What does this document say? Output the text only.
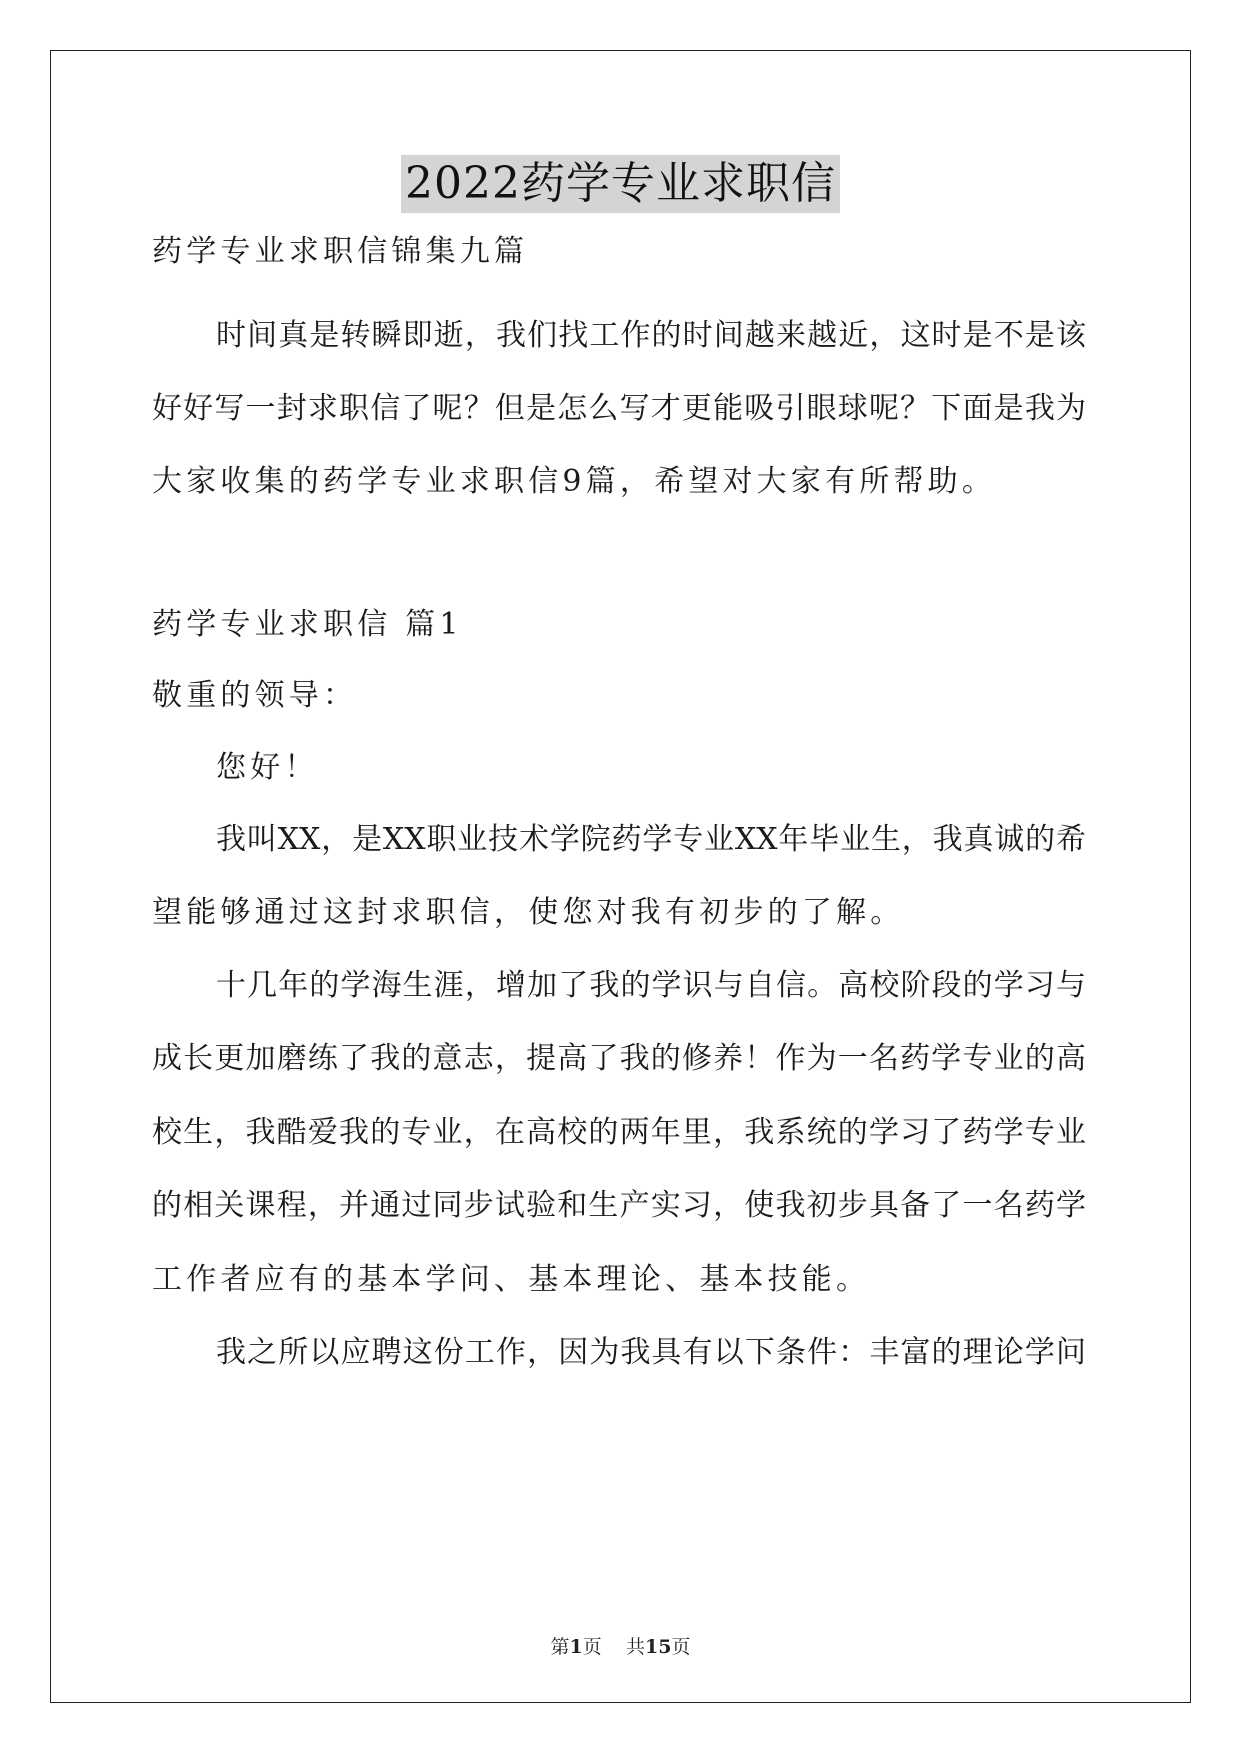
2022药学专业求职信
药学专业求职信锦集九篇
时间真是转瞬即逝，我们找工作的时间越来越近，这时是不是该
好好写一封求职信了呢？但是怎么写才更能吸引眼球呢？下面是我为
大家收集的药学专业求职信9篇，希望对大家有所帮助。
药学专业求职信 篇1
敬重的领导：
您好！
我叫XX，是XX职业技术学院药学专业XX年毕业生，我真诚的希
望能够通过这封求职信，使您对我有初步的了解。
十几年的学海生涯，增加了我的学识与自信。高校阶段的学习与
成长更加磨练了我的意志，提高了我的修养！作为一名药学专业的高
校生，我酷爱我的专业，在高校的两年里，我系统的学习了药学专业
的相关课程，并通过同步试验和生产实习，使我初步具备了一名药学
工作者应有的基本学问、基本理论、基本技能。
我之所以应聘这份工作，因为我具有以下条件：丰富的理论学问
第1页 共15页
